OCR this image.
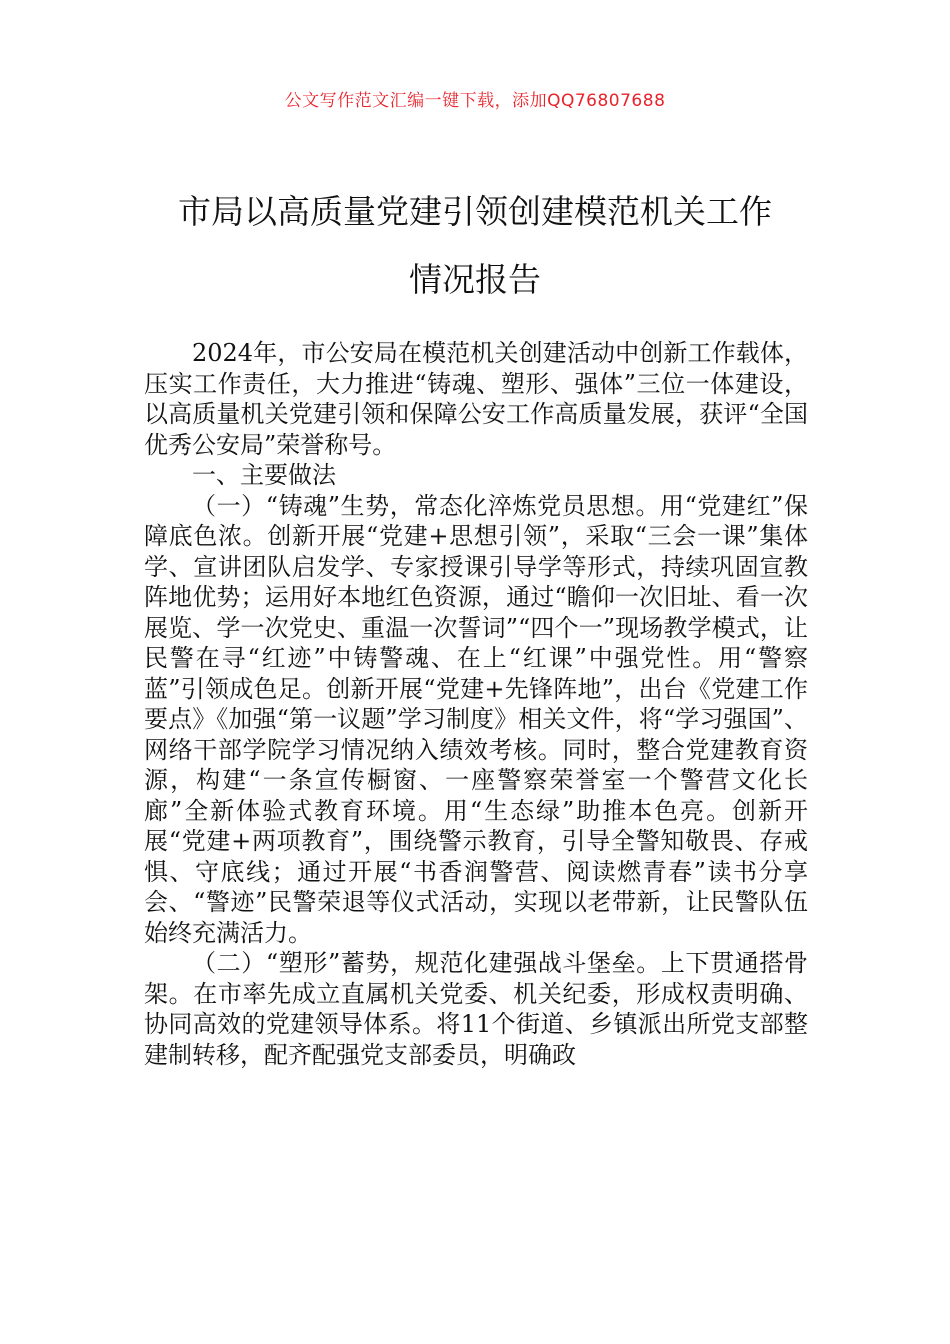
公文写作范文汇编一键下载，添加QQ76807688
市局以高质量党建引领创建模范机关工作
情况报告

2024年，市公安局在模范机关创建活动中创新工作载体，压实工作责任，大力推进“铸魂、塑形、强体”三位一体建设，以高质量机关党建引领和保障公安工作高质量发展，获评“全国优秀公安局”荣誉称号。

一、主要做法

（一）“铸魂”生势，常态化淬炼党员思想。用“党建红”保障底色浓。创新开展“党建+思想引领”，采取“三会一课”集体学、宣讲团队启发学、专家授课引导学等形式，持续巩固宣教阵地优势；运用好本地红色资源，通过“瞻仰一次旧址、看一次展览、学一次党史、重温一次誓词”“四个一”现场教学模式，让民警在寻“红迹”中铸警魂、在上“红课”中强党性。用“警察蓝”引领成色足。创新开展“党建+先锋阵地”，出台《党建工作要点》《加强“第一议题”学习制度》相关文件，将“学习强国”、网络干部学院学习情况纳入绩效考核。同时，整合党建教育资源，构建“一条宣传橱窗、一座警察荣誉室一个警营文化长廊”全新体验式教育环境。用“生态绿”助推本色亮。创新开展“党建+两项教育”，围绕警示教育，引导全警知敬畏、存戒惧、守底线；通过开展“书香润警营、阅读燃青春”读书分享会、“警迹”民警荣退等仪式活动，实现以老带新，让民警队伍始终充满活力。

（二）“塑形”蓄势，规范化建强战斗堡垒。上下贯通搭骨架。在市率先成立直属机关党委、机关纪委，形成权责明确、协同高效的党建领导体系。将11个街道、乡镇派出所党支部整建制转移，配齐配强党支部委员，明确政
